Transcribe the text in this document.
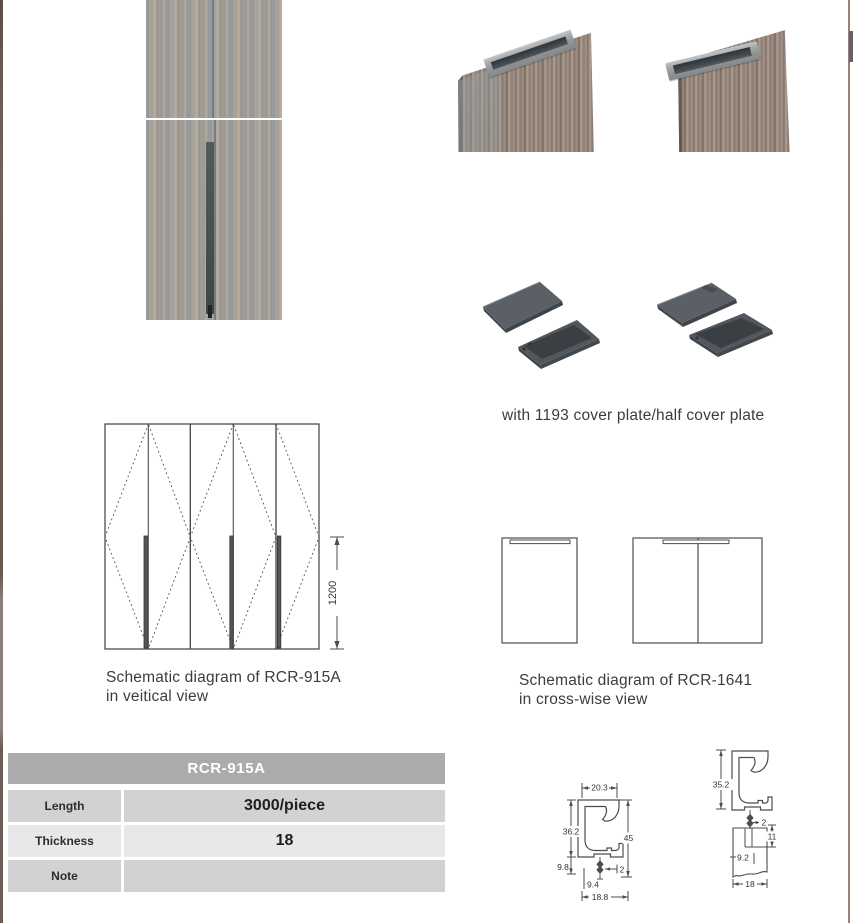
with 1193 cover plate/half cover plate
1200
Schematic diagram of RCR-915A
in veitical view
Schematic diagram of RCR-1641
in cross-wise view
RCR-915A
Length	3000/piece
Thickness	18
Note
20.3
36.2
45
9.8	2
9.4
18.8
35.2
2
11
9.2
18
